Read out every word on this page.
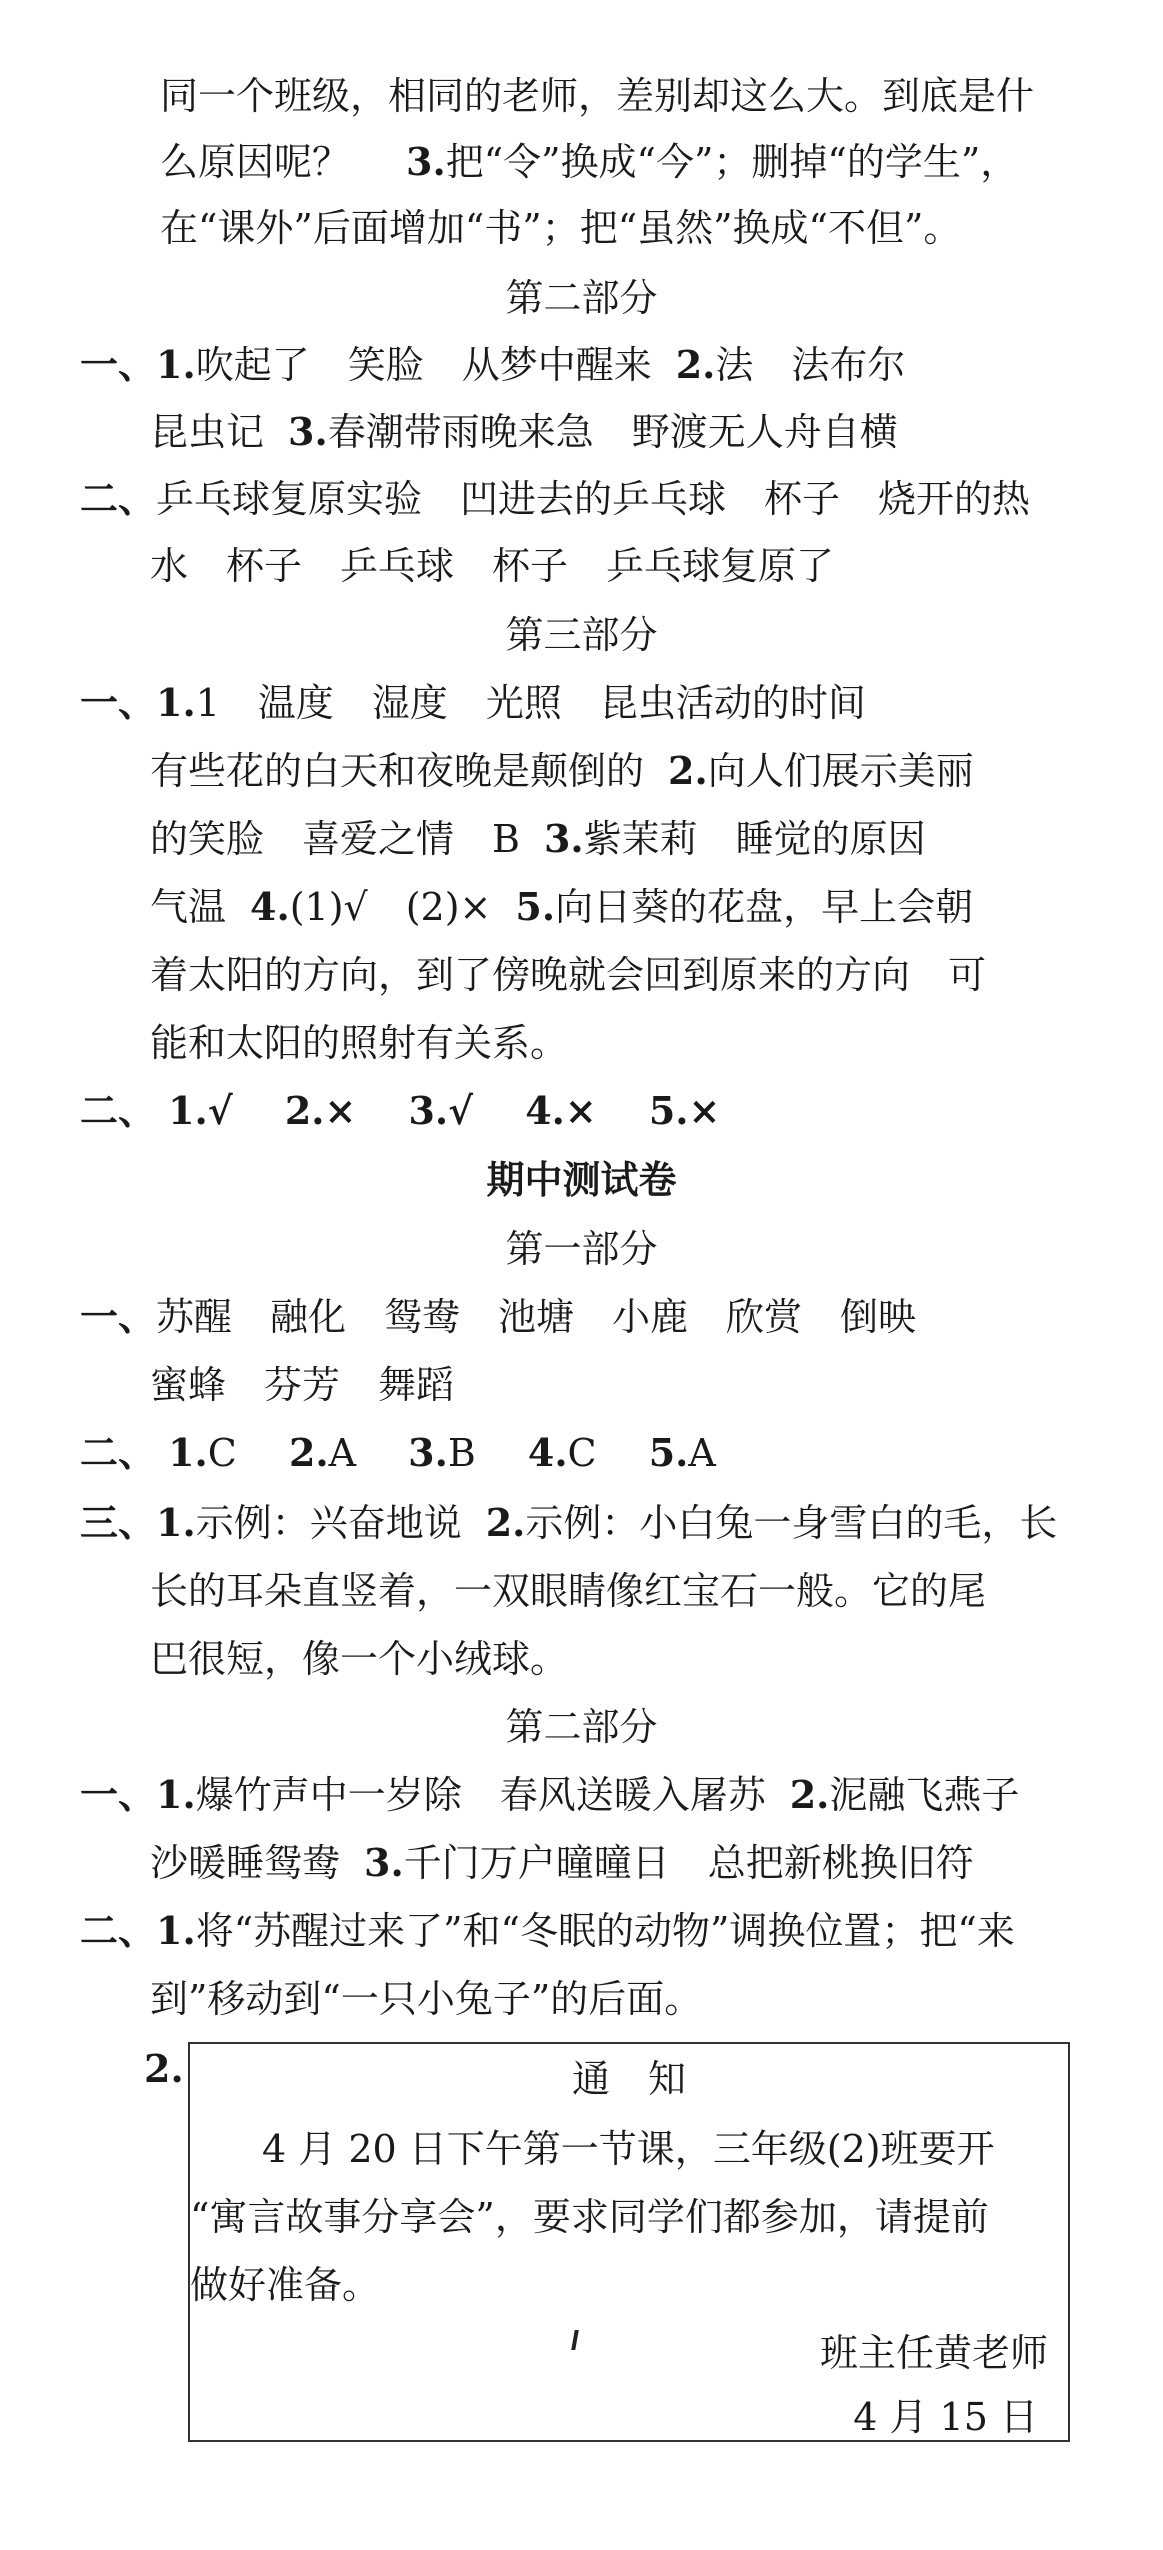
同一个班级，相同的老师，差别却这么大。到底是什
么原因呢？ 3.把“令”换成“今”；删掉“的学生”，
在“课外”后面增加“书”；把“虽然”换成“不但”。
第二部分
一、1.吹起了　笑脸　从梦中醒来 2.法　法布尔
昆虫记 3.春潮带雨晚来急　野渡无人舟自横
二、乒乓球复原实验　凹进去的乒乓球　杯子　烧开的热
水　杯子　乒乓球　杯子　乒乓球复原了
第三部分
一、1.1　温度　湿度　光照　昆虫活动的时间
有些花的白天和夜晚是颠倒的 2.向人们展示美丽
的笑脸　喜爱之情　B 3.紫茉莉　睡觉的原因
气温 4.(1)√　(2)× 5.向日葵的花盘，早上会朝
着太阳的方向，到了傍晚就会回到原来的方向　可
能和太阳的照射有关系。
二、 1.√ 2.× 3.√ 4.× 5.×
期中测试卷
第一部分
一、苏醒　融化　鸳鸯　池塘　小鹿　欣赏　倒映
蜜蜂　芬芳　舞蹈
二、 1.C 2.A 3.B 4.C 5.A
三、1.示例：兴奋地说 2.示例：小白兔一身雪白的毛，长
长的耳朵直竖着，一双眼睛像红宝石一般。它的尾
巴很短，像一个小绒球。
第二部分
一、1.爆竹声中一岁除　春风送暖入屠苏 2.泥融飞燕子
沙暖睡鸳鸯 3.千门万户曈曈日　总把新桃换旧符
二、1.将“苏醒过来了”和“冬眠的动物”调换位置；把“来
到”移动到“一只小兔子”的后面。
2.	通　知
4 月 20 日下午第一节课，三年级(2)班要开
“寓言故事分享会”，要求同学们都参加，请提前
做好准备。
班主任黄老师
4 月 15 日
